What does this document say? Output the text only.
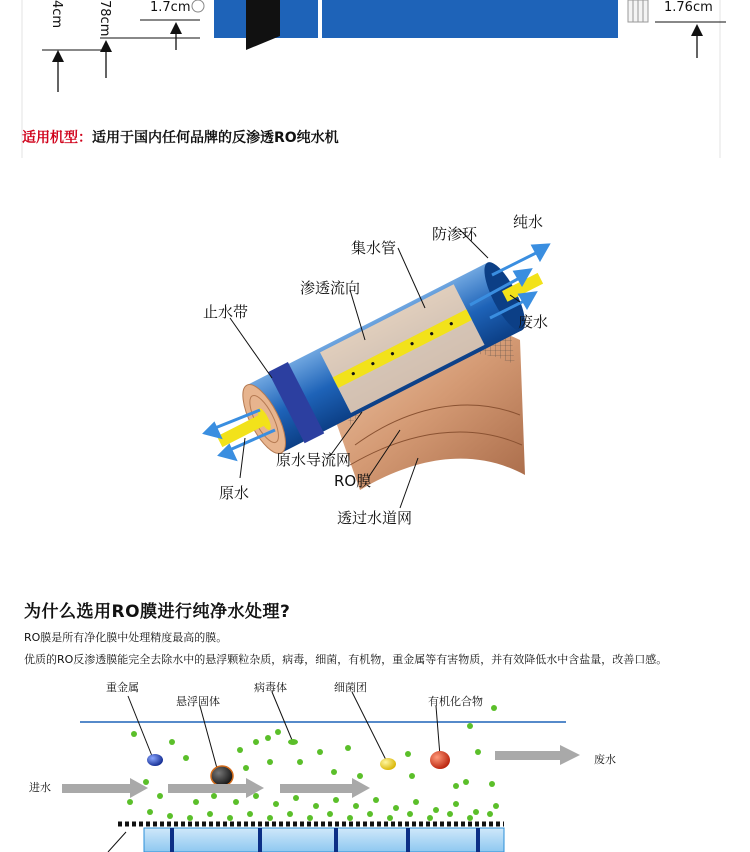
4cm	78cm	1.7cm	1.76cm
适用机型：适用于国内任何品牌的反渗透RO纯水机
纯水
防渗环
集水管
渗透流向
止水带
废水
原水导流网
RO膜
原水
透过水道网
为什么选用RO膜进行纯净水处理?
RO膜是所有净化膜中处理精度最高的膜。
优质的RO反渗透膜能完全去除水中的悬浮颗粒杂质，病毒，细菌，有机物，重金属等有害物质，并有效降低水中含盐量，改善口感。
重金属
悬浮固体
病毒体	细菌团
有机化合物
废水
进水
